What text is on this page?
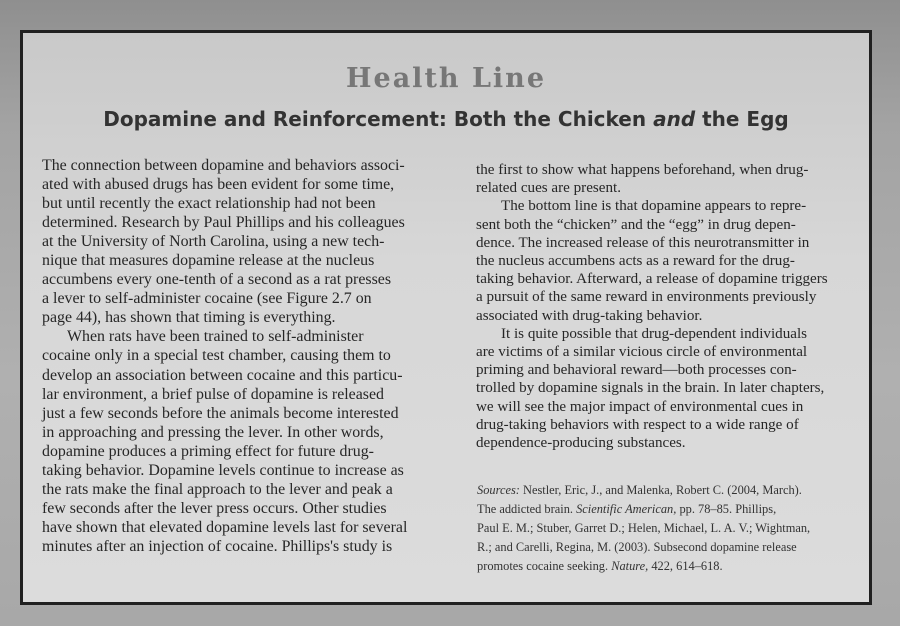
Health Line
Dopamine and Reinforcement: Both the Chicken and the Egg
The connection between dopamine and behaviors associ-
ated with abused drugs has been evident for some time,
but until recently the exact relationship had not been
determined. Research by Paul Phillips and his colleagues
at the University of North Carolina, using a new tech-
nique that measures dopamine release at the nucleus
accumbens every one-tenth of a second as a rat presses
a lever to self-administer cocaine (see Figure 2.7 on
page 44), has shown that timing is everything.
When rats have been trained to self-administer
cocaine only in a special test chamber, causing them to
develop an association between cocaine and this particu-
lar environment, a brief pulse of dopamine is released
just a few seconds before the animals become interested
in approaching and pressing the lever. In other words,
dopamine produces a priming effect for future drug-
taking behavior. Dopamine levels continue to increase as
the rats make the final approach to the lever and peak a
few seconds after the lever press occurs. Other studies
have shown that elevated dopamine levels last for several
minutes after an injection of cocaine. Phillips's study is
the first to show what happens beforehand, when drug-
related cues are present.
The bottom line is that dopamine appears to repre-
sent both the “chicken” and the “egg” in drug depen-
dence. The increased release of this neurotransmitter in
the nucleus accumbens acts as a reward for the drug-
taking behavior. Afterward, a release of dopamine triggers
a pursuit of the same reward in environments previously
associated with drug-taking behavior.
It is quite possible that drug-dependent individuals
are victims of a similar vicious circle of environmental
priming and behavioral reward—both processes con-
trolled by dopamine signals in the brain. In later chapters,
we will see the major impact of environmental cues in
drug-taking behaviors with respect to a wide range of
dependence-producing substances.
Sources: Nestler, Eric, J., and Malenka, Robert C. (2004, March).
The addicted brain. Scientific American, pp. 78–85. Phillips,
Paul E. M.; Stuber, Garret D.; Helen, Michael, L. A. V.; Wightman,
R.; and Carelli, Regina, M. (2003). Subsecond dopamine release
promotes cocaine seeking. Nature, 422, 614–618.
